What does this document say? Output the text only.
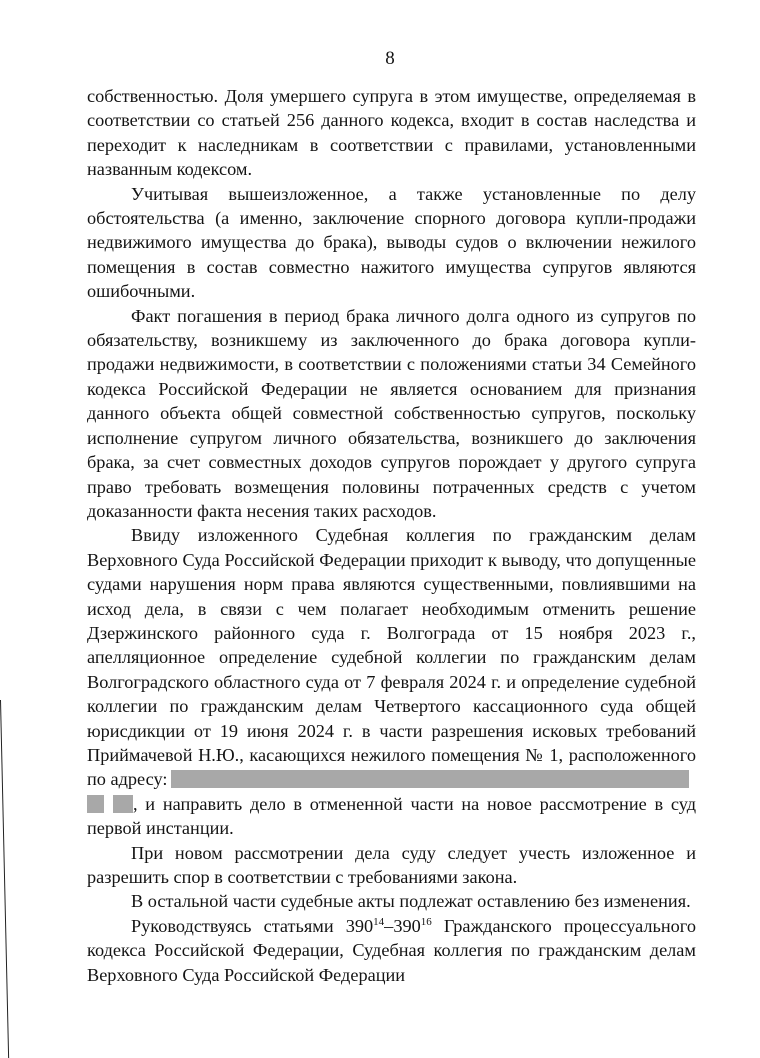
8

собственностью. Доля умершего супруга в этом имуществе, определяемая в соответствии со статьей 256 данного кодекса, входит в состав наследства и переходит к наследникам в соответствии с правилами, установленными названным кодексом.

Учитывая вышеизложенное, а также установленные по делу обстоятельства (а именно, заключение спорного договора купли-продажи недвижимого имущества до брака), выводы судов о включении нежилого помещения в состав совместно нажитого имущества супругов являются ошибочными.

Факт погашения в период брака личного долга одного из супругов по обязательству, возникшему из заключенного до брака договора купли-продажи недвижимости, в соответствии с положениями статьи 34 Семейного кодекса Российской Федерации не является основанием для признания данного объекта общей совместной собственностью супругов, поскольку исполнение супругом личного обязательства, возникшего до заключения брака, за счет совместных доходов супругов порождает у другого супруга право требовать возмещения половины потраченных средств с учетом доказанности факта несения таких расходов.

Ввиду изложенного Судебная коллегия по гражданским делам Верховного Суда Российской Федерации приходит к выводу, что допущенные судами нарушения норм права являются существенными, повлиявшими на исход дела, в связи с чем полагает необходимым отменить решение Дзержинского районного суда г. Волгограда от 15 ноября 2023 г., апелляционное определение судебной коллегии по гражданским делам Волгоградского областного суда от 7 февраля 2024 г. и определение судебной коллегии по гражданским делам Четвертого кассационного суда общей юрисдикции от 19 июня 2024 г. в части разрешения исковых требований Приймачевой Н.Ю., касающихся нежилого помещения № 1, расположенного по адресу:
, и направить дело в отмененной части на новое рассмотрение в суд первой инстанции.

При новом рассмотрении дела суду следует учесть изложенное и разрешить спор в соответствии с требованиями закона.

В остальной части судебные акты подлежат оставлению без изменения.

Руководствуясь статьями $390^{14}-390^{16}$ Гражданского процессуального кодекса Российской Федерации, Судебная коллегия по гражданским делам Верховного Суда Российской Федерации
